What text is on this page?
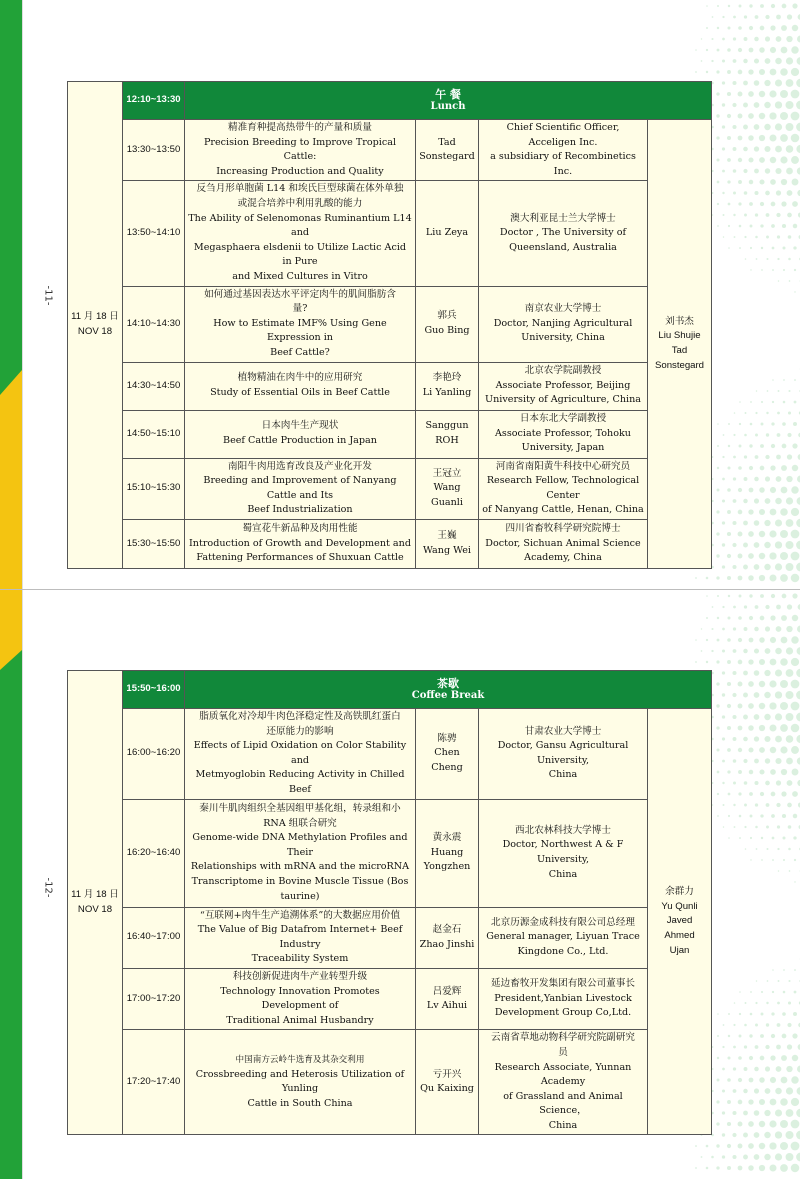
-11-
11 月 18 日
NOV 18	12:10~13:30	午 餐
Lunch			

	13:30~13:50	精准育种提高热带牛的产量和质量
Precision Breeding to Improve Tropical Cattle:
Increasing Production and Quality	Tad
Sonstegard	Chief Scientific Officer, Acceligen Inc.
a subsidiary of Recombinetics Inc.	刘书杰
Liu Shujie
Tad
Sonstegard

	13:50~14:10	反刍月形单胞菌 L14 和埃氏巨型球菌在体外单独
或混合培养中利用乳酸的能力
The Ability of Selenomonas Ruminantium L14 and
Megasphaera elsdenii to Utilize Lactic Acid in Pure
and Mixed Cultures in Vitro	Liu Zeya	澳大利亚昆士兰大学博士
Doctor , The University of
Queensland, Australia	

	14:10~14:30	如何通过基因表达水平评定肉牛的肌间脂肪含
量?
How to Estimate IMF% Using Gene Expression in
Beef Cattle?	郭兵
Guo Bing	南京农业大学博士
Doctor, Nanjing Agricultural
University, China	

	14:30~14:50	植物精油在肉牛中的应用研究
Study of Essential Oils in Beef Cattle	李艳玲
Li Yanling	北京农学院副教授
Associate Professor, Beijing
University of Agriculture, China	

	14:50~15:10	日本肉牛生产现状
Beef Cattle Production in Japan	Sanggun
ROH	日本东北大学副教授
Associate Professor, Tohoku
University, Japan	

	15:10~15:30	南阳牛肉用选育改良及产业化开发
Breeding and Improvement of Nanyang Cattle and Its
Beef Industrialization	王冠立
Wang
Guanli	河南省南阳黄牛科技中心研究员
Research Fellow, Technological Center
of Nanyang Cattle, Henan, China	

	15:30~15:50	蜀宣花牛新品种及肉用性能
Introduction of Growth and Development and
Fattening Performances of Shuxuan Cattle	王巍
Wang Wei	四川省畜牧科学研究院博士
Doctor, Sichuan Animal Science
Academy, China	
-12- 11 月 18 日
NOV 18	15:50~16:00	茶歇
Coffee Break			

	16:00~16:20	脂质氧化对冷却牛肉色泽稳定性及高铁肌红蛋白
还原能力的影响
Effects of Lipid Oxidation on Color Stability and
Metmyoglobin Reducing Activity in Chilled Beef	陈骋
Chen Cheng	甘肃农业大学博士
Doctor, Gansu Agricultural University,
China	余群力
Yu Qunli
Javed
Ahmed
Ujan

	16:20~16:40	秦川牛肌肉组织全基因组甲基化组，转录组和小
RNA 组联合研究
Genome-wide DNA Methylation Profiles and Their
Relationships with mRNA and the microRNA
Transcriptome in Bovine Muscle Tissue (Bos taurine)	黄永震
Huang
Yongzhen	西北农林科技大学博士
Doctor, Northwest A & F University,
China	

	16:40~17:00	“互联网+肉牛生产追溯体系”的大数据应用价值
The Value of Big Datafrom Internet+ Beef Industry
Traceability System	赵金石
Zhao Jinshi	北京历源金成科技有限公司总经理
General manager, Liyuan Trace
Kingdone Co., Ltd.	

	17:00~17:20	科技创新促进肉牛产业转型升级
Technology Innovation Promotes Development of
Traditional Animal Husbandry	吕爱辉
Lv Aihui	延边畜牧开发集团有限公司董事长
President,Yanbian Livestock
Development Group Co,Ltd.	

	17:20~17:40	中国南方云岭牛选育及其杂交利用
Crossbreeding and Heterosis Utilization of Yunling
Cattle in South China	亏开兴
Qu Kaixing	云南省草地动物科学研究院副研究
员
Research Associate, Yunnan Academy
of Grassland and Animal Science，
China	
